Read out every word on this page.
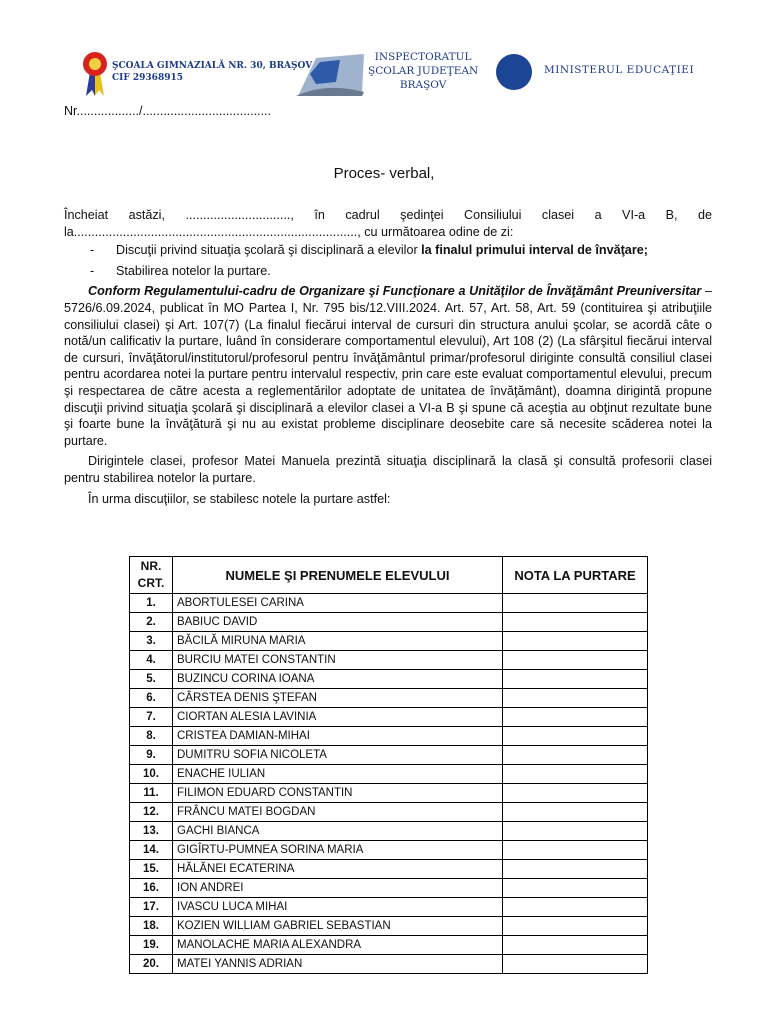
ŞCOALA GIMNAZIALĂ NR. 30, BRAŞOV
CIF 29368915
INSPECTORATUL
ŞCOLAR JUDEŢEAN
BRAŞOV
MINISTERUL EDUCAŢIEI
Nr................../.....................................
Proces- verbal,

Încheiat astăzi, .............................., în cadrul şedinţei Consiliului clasei a VI-a B, de la................................................................................., cu următoarea odine de zi:

- Discuţii privind situaţia şcolară şi disciplinară a elevilor la finalul primului interval de învăţare;

- Stabilirea notelor la purtare.

Conform Regulamentului-cadru de Organizare şi Funcţionare a Unităţilor de Învăţământ Preuniversitar –5726/6.09.2024, publicat în MO Partea I, Nr. 795 bis/12.VIII.2024. Art. 57, Art. 58, Art. 59 (contituirea şi atribuţiile consiliului clasei) şi Art. 107(7) (La finalul fiecărui interval de cursuri din structura anului şcolar, se acordă câte o notă/un calificativ la purtare, luând în considerare comportamentul elevului), Art 108 (2) (La sfârşitul fiecărui interval de cursuri, învăţătorul/institutorul/profesorul pentru învăţământul primar/profesorul diriginte consultă consiliul clasei pentru acordarea notei la purtare pentru intervalul respectiv, prin care este evaluat comportamentul elevului, precum şi respectarea de către acesta a reglementărilor adoptate de unitatea de învăţământ), doamna dirigintă propune discuţii privind situaţia şcolară şi disciplinară a elevilor clasei a VI-a B şi spune că aceştia au obţinut rezultate bune şi foarte bune la învăţătură şi nu au existat probleme disciplinare deosebite care să necesite scăderea notei la purtare.

Dirigintele clasei, profesor Matei Manuela prezintă situaţia disciplinară la clasă şi consultă profesorii clasei pentru stabilirea notelor la purtare.

În urma discuţiilor, se stabilesc notele la purtare astfel:

NR. CRT.	NUMELE ŞI PRENUMELE ELEVULUI	NOTA LA PURTARE
1.	ABORTULESEI CARINA	
2.	BABIUC DAVID	
3.	BĂCILĂ MIRUNA MARIA	
4.	BURCIU MATEI CONSTANTIN	
5.	BUZINCU CORINA IOANA	
6.	CÂRSTEA DENIS ŞTEFAN	
7.	CIORTAN ALESIA LAVINIA	
8.	CRISTEA DAMIAN-MIHAI	
9.	DUMITRU SOFIA NICOLETA	
10.	ENACHE IULIAN	
11.	FILIMON EDUARD CONSTANTIN	
12.	FRÂNCU MATEI BOGDAN	
13.	GACHI BIANCA	
14.	GIGÎRTU-PUMNEA SORINA MARIA	
15.	HĂLĂNEI ECATERINA	
16.	ION ANDREI	
17.	IVASCU LUCA MIHAI	
18.	KOZIEN WILLIAM GABRIEL SEBASTIAN	
19.	MANOLACHE MARIA ALEXANDRA	
20.	MATEI YANNIS ADRIAN	
